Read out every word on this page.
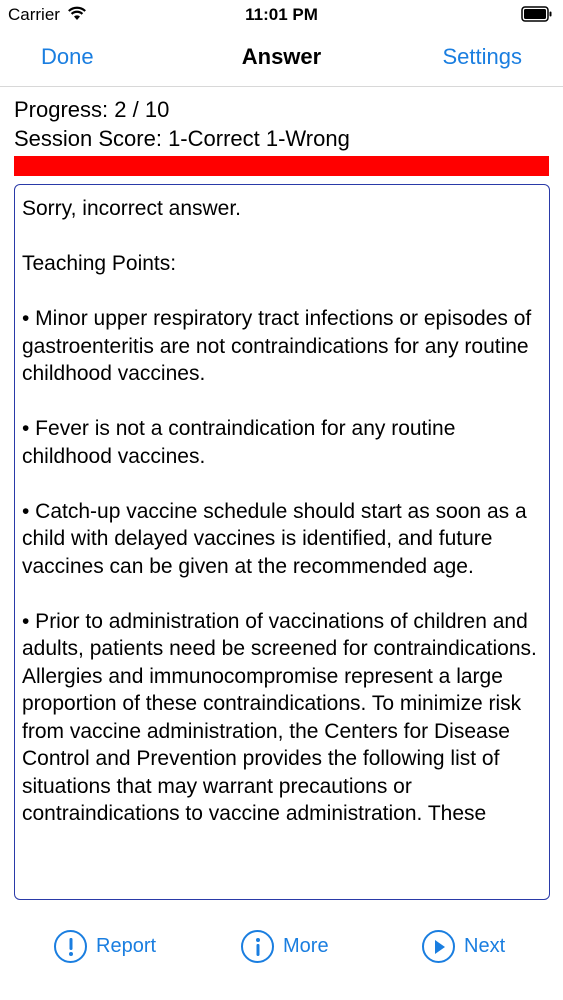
Carrier	11:01 PM
Done	Answer	Settings
Progress: 2 / 10
Session Score: 1-Correct 1-Wrong

Sorry, incorrect answer.

Teaching Points:

• Minor upper respiratory tract infections or episodes of gastroenteritis are not contraindications for any routine childhood vaccines.

• Fever is not a contraindication for any routine childhood vaccines.

• Catch-up vaccine schedule should start as soon as a child with delayed vaccines is identified, and future vaccines can be given at the recommended age.

• Prior to administration of vaccinations of children and adults, patients need be screened for contraindications. Allergies and immunocompromise represent a large proportion of these contraindications. To minimize risk from vaccine administration, the Centers for Disease Control and Prevention provides the following list of situations that may warrant precautions or contraindications to vaccine administration. These

Report	More	Next
